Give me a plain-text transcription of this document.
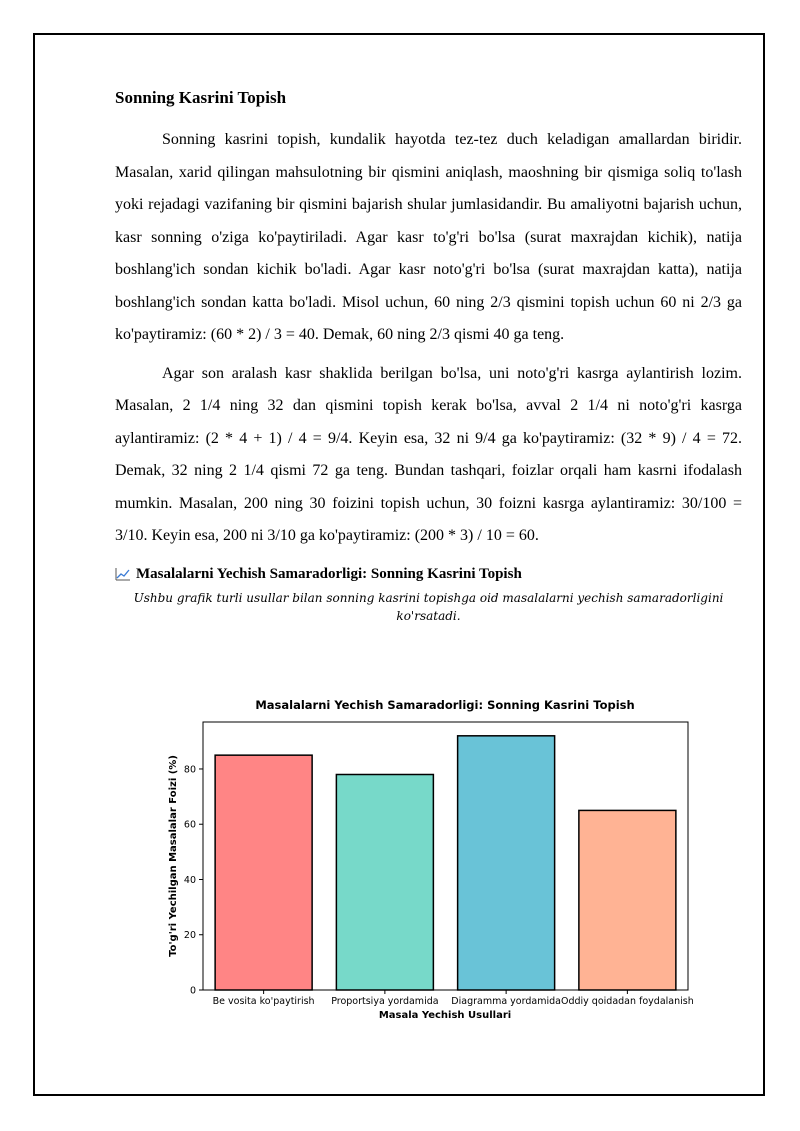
Sonning Kasrini Topish

Sonning kasrini topish, kundalik hayotda tez-tez duch keladigan amallardan biridir. Masalan, xarid qilingan mahsulotning bir qismini aniqlash, maoshning bir qismiga soliq to'lash yoki rejadagi vazifaning bir qismini bajarish shular jumlasidandir. Bu amaliyotni bajarish uchun, kasr sonning o'ziga ko'paytiriladi. Agar kasr to'g'ri bo'lsa (surat maxrajdan kichik), natija boshlang'ich sondan kichik bo'ladi. Agar kasr noto'g'ri bo'lsa (surat maxrajdan katta), natija boshlang'ich sondan katta bo'ladi. Misol uchun, 60 ning 2/3 qismini topish uchun 60 ni 2/3 ga ko'paytiramiz: (60 * 2) / 3 = 40. Demak, 60 ning 2/3 qismi 40 ga teng.

Agar son aralash kasr shaklida berilgan bo'lsa, uni noto'g'ri kasrga aylantirish lozim. Masalan, 2 1/4 ning 32 dan qismini topish kerak bo'lsa, avval 2 1/4 ni noto'g'ri kasrga aylantiramiz: (2 * 4 + 1) / 4 = 9/4. Keyin esa, 32 ni 9/4 ga ko'paytiramiz: (32 * 9) / 4 = 72. Demak, 32 ning 2 1/4 qismi 72 ga teng. Bundan tashqari, foizlar orqali ham kasrni ifodalash mumkin. Masalan, 200 ning 30 foizini topish uchun, 30 foizni kasrga aylantiramiz: 30/100 = 3/10. Keyin esa, 200 ni 3/10 ga ko'paytiramiz: (200 * 3) / 10 = 60.

Masalalarni Yechish Samaradorligi: Sonning Kasrini Topish
Ushbu grafik turli usullar bilan sonning kasrini topishga oid masalalarni yechish samaradorligini ko'rsatadi.
Masalalarni Yechish Samaradorligi: Sonning Kasrini Topish
0
20
40
60
80
Be vosita ko'paytirish Proportsiya yordamida Diagramma yordamida Oddiy qoidadan foydalanish
Masala Yechish Usullari
To'g'ri Yechilgan Masalalar Foizi (%)
